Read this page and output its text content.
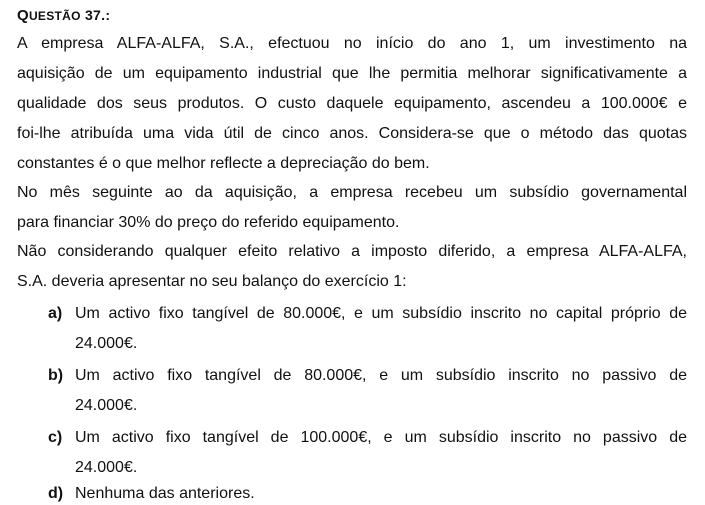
QUESTÃO 37.:
A empresa ALFA-ALFA, S.A., efectuou no início do ano 1, um investimento na
aquisição de um equipamento industrial que lhe permitia melhorar significativamente a
qualidade dos seus produtos. O custo daquele equipamento, ascendeu a 100.000€ e
foi-lhe atribuída uma vida útil de cinco anos. Considera-se que o método das quotas
constantes é o que melhor reflecte a depreciação do bem.
No mês seguinte ao da aquisição, a empresa recebeu um subsídio governamental
para financiar 30% do preço do referido equipamento.
Não considerando qualquer efeito relativo a imposto diferido, a empresa ALFA-ALFA,
S.A. deveria apresentar no seu balanço do exercício 1:
a) Um activo fixo tangível de 80.000€, e um subsídio inscrito no capital próprio de
24.000€.
b) Um activo fixo tangível de 80.000€, e um subsídio inscrito no passivo de
24.000€.
c) Um activo fixo tangível de 100.000€, e um subsídio inscrito no passivo de
24.000€.
d) Nenhuma das anteriores.
